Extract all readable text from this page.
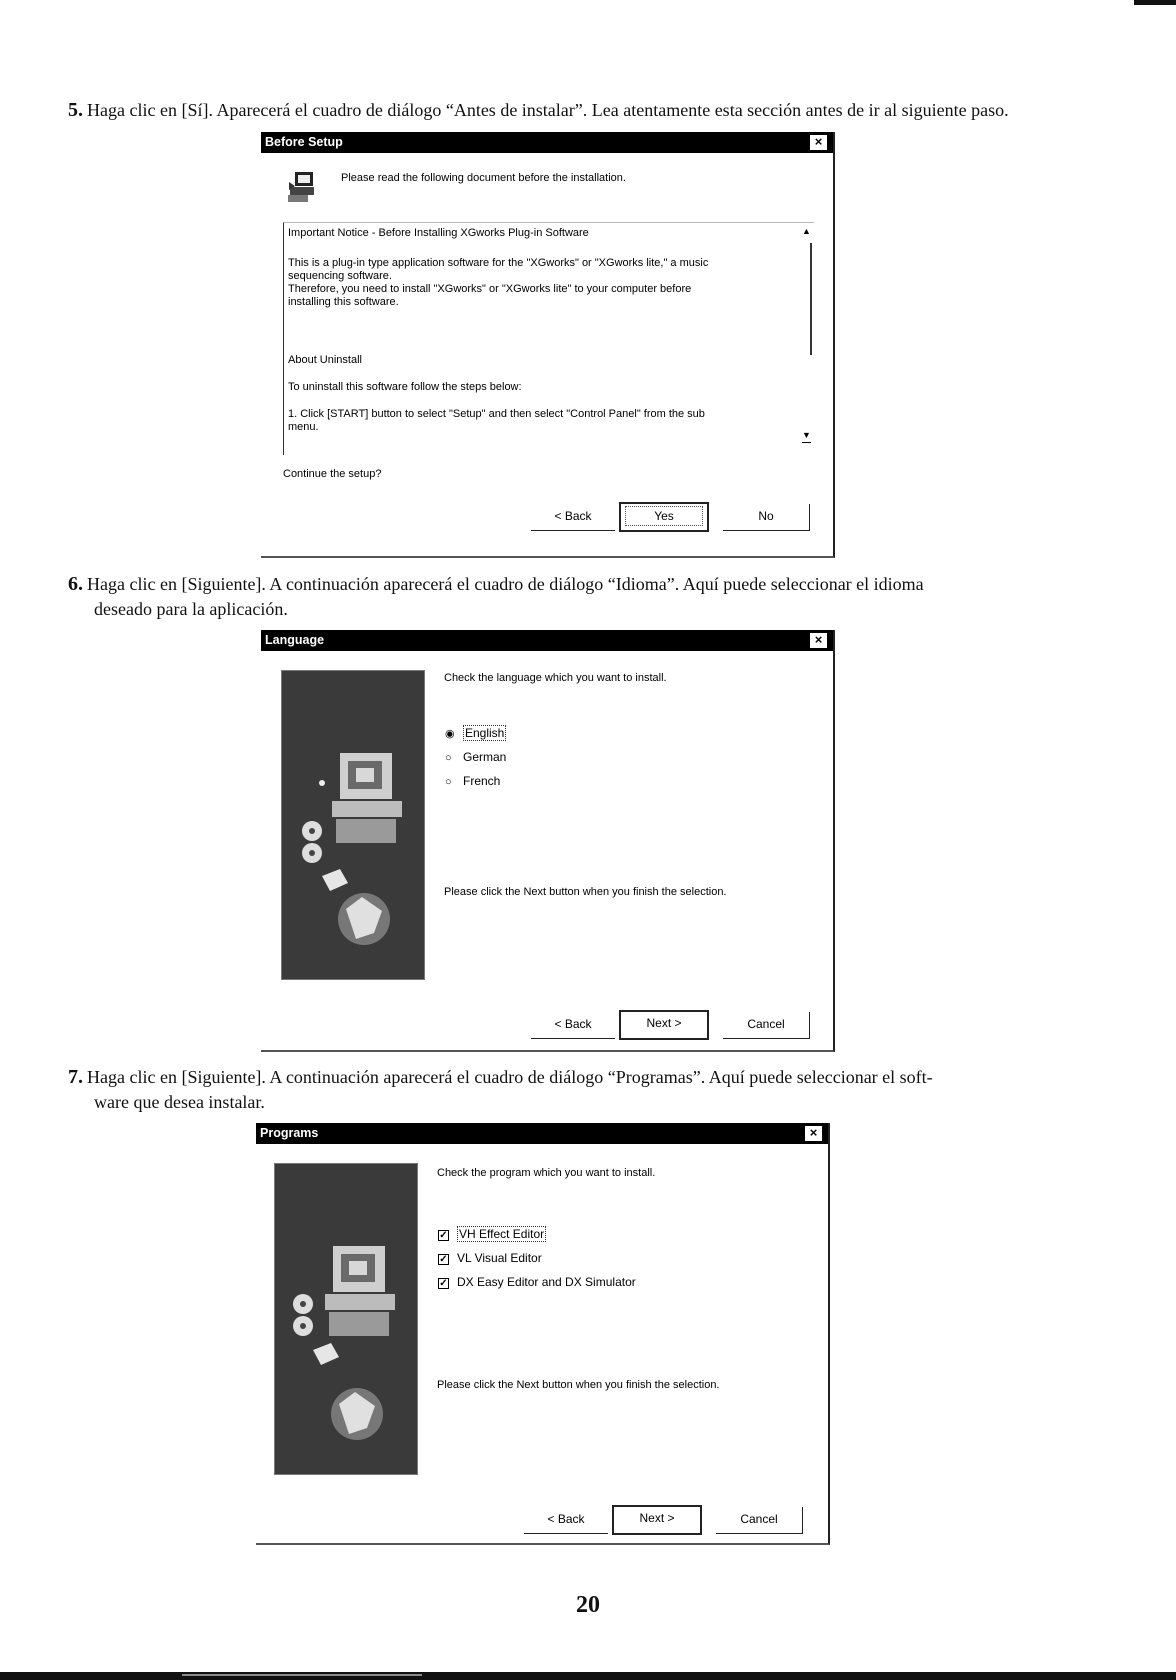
5. Haga clic en [Sí]. Aparecerá el cuadro de diálogo “Antes de instalar”. Lea atentamente esta sección antes de ir al siguiente paso.
Before Setup	×
Please read the following document before the installation.
Important Notice - Before Installing XGworks Plug-in Software
This is a plug-in type application software for the "XGworks" or "XGworks lite," a music
sequencing software.
Therefore, you need to install "XGworks" or "XGworks lite" to your computer before
installing this software.
About Uninstall
To uninstall this software follow the steps below:
1. Click [START] button to select "Setup" and then select "Control Panel" from the sub
menu.
▲
▼
Continue the setup?
< Back	Yes	No
6. Haga clic en [Siguiente]. A continuación aparecerá el cuadro de diálogo “Idioma”. Aquí puede seleccionar el idioma
deseado para la aplicación.
Language	×
Check the language which you want to install.
◉ English
○ German
○ French
Please click the Next button when you finish the selection.
< Back	Next >	Cancel
7. Haga clic en [Siguiente]. A continuación aparecerá el cuadro de diálogo “Programas”. Aquí puede seleccionar el soft-
ware que desea instalar.
Programs	×
Check the program which you want to install.
✓ VH Effect Editor
✓ VL Visual Editor
✓ DX Easy Editor and DX Simulator
Please click the Next button when you finish the selection.
< Back	Next >	Cancel
20
